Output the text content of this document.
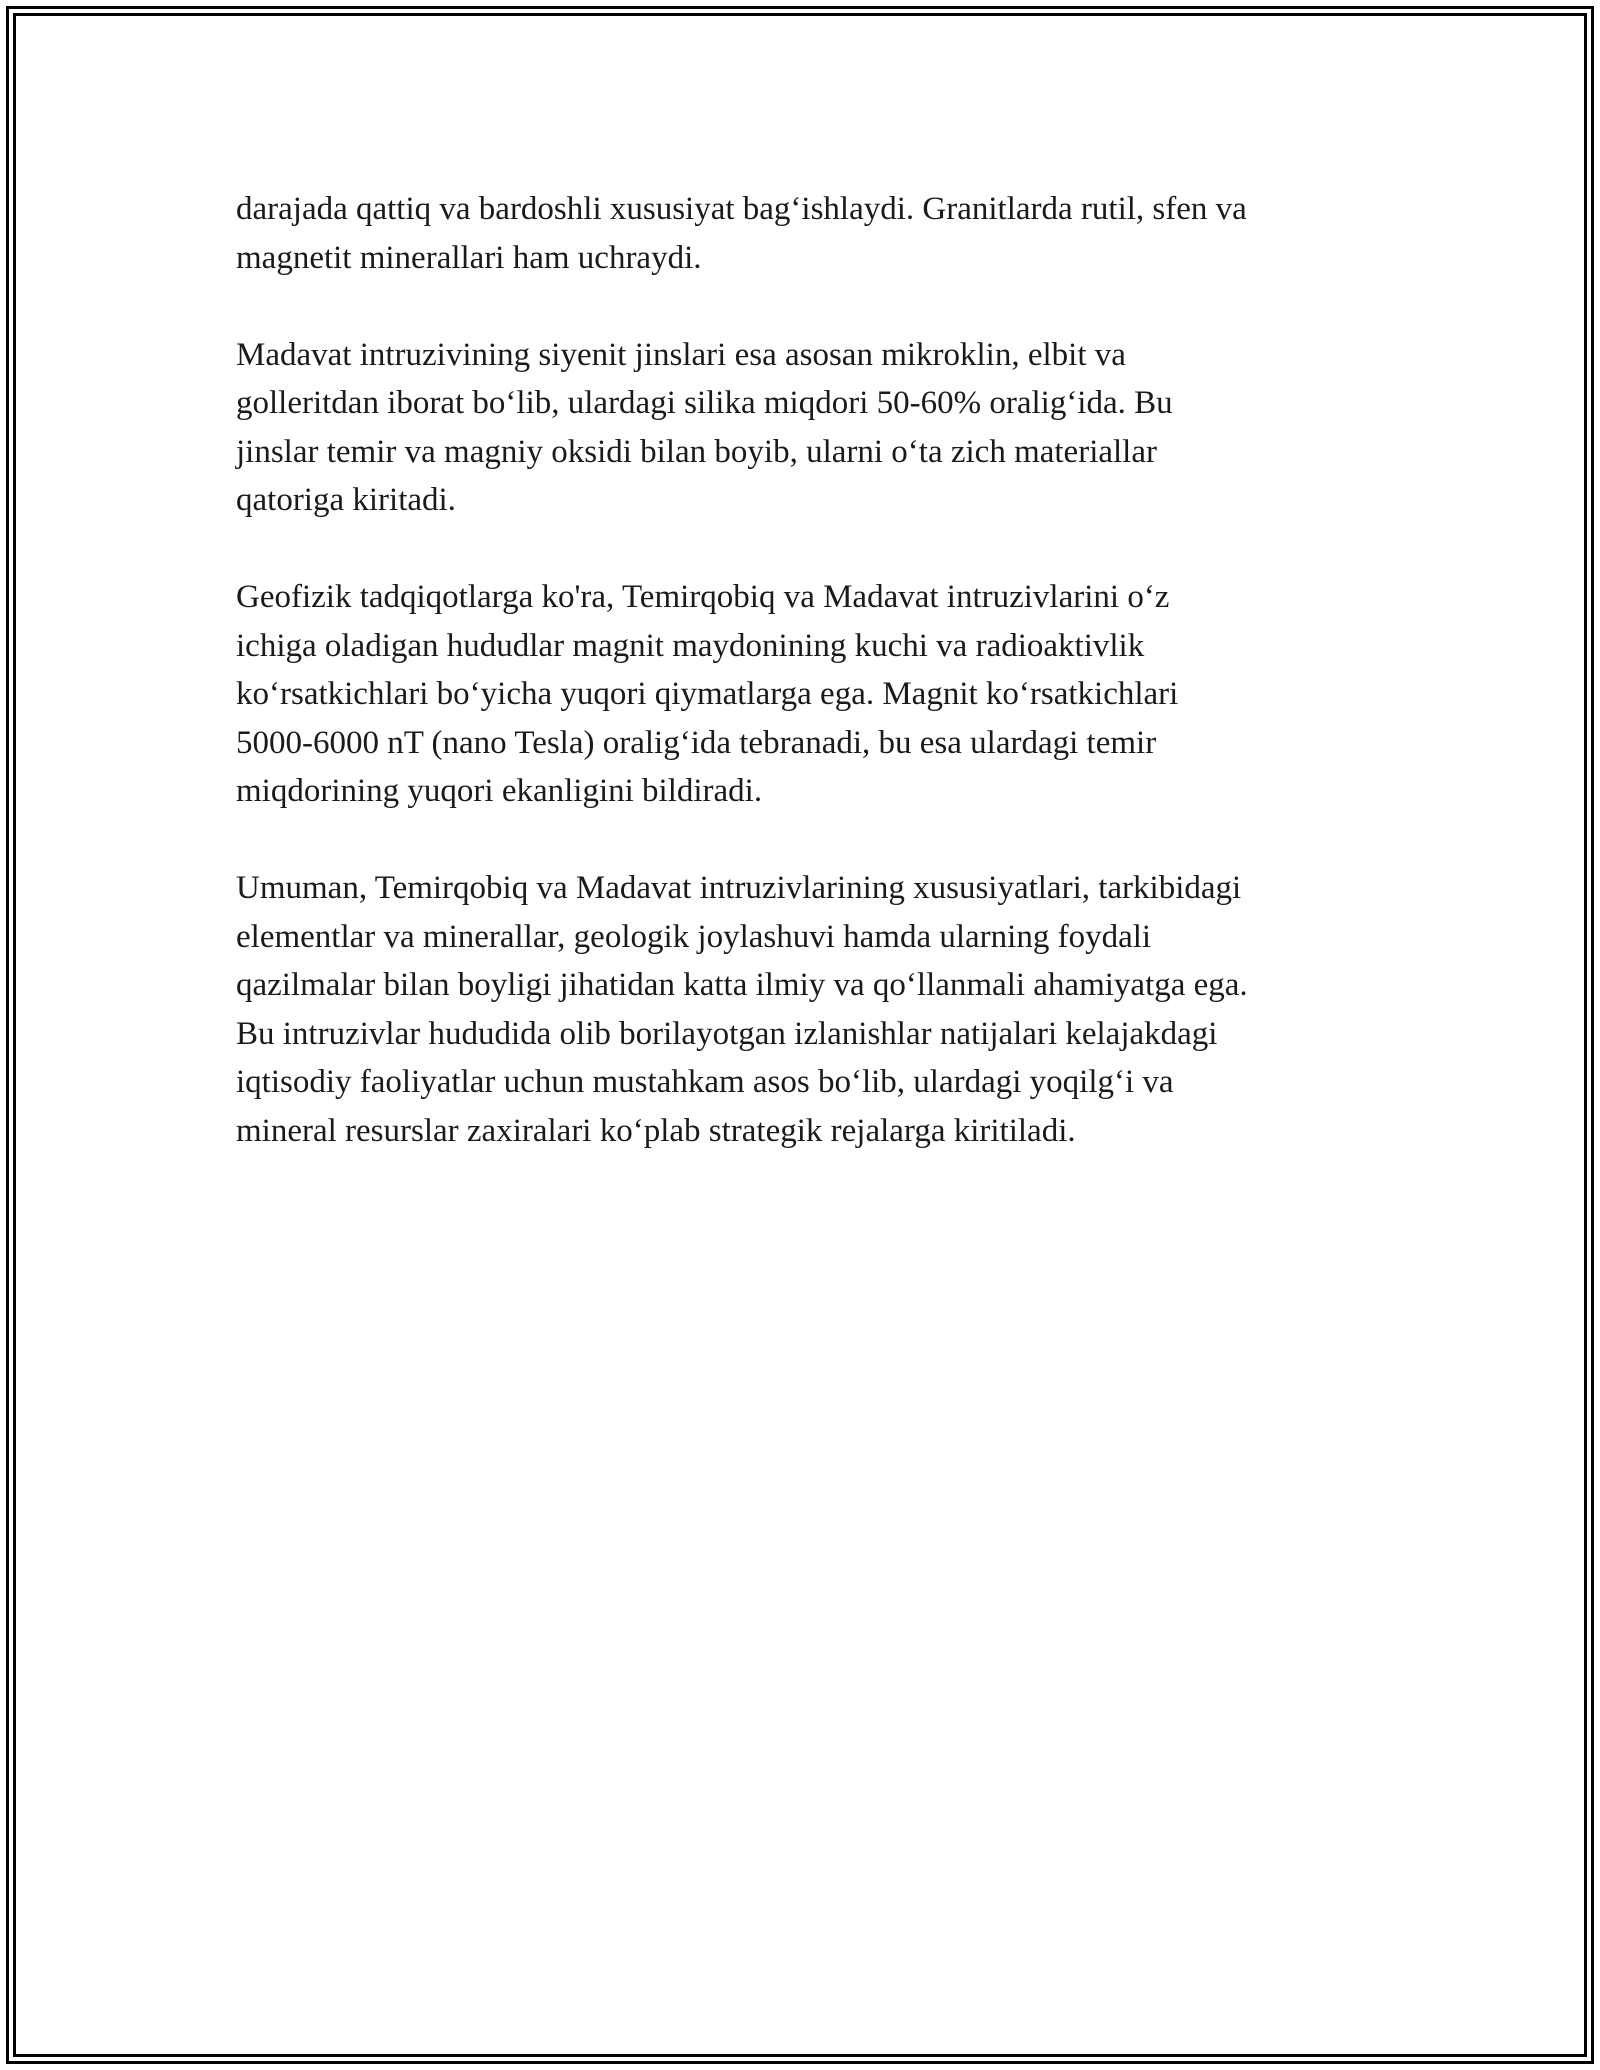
darajada qattiq va bardoshli xususiyat bag‘ishlaydi. Granitlarda rutil, sfen va
magnetit minerallari ham uchraydi.

Madavat intruzivining siyenit jinslari esa asosan mikroklin, elbit va
golleritdan iborat bo‘lib, ulardagi silika miqdori 50-60% oralig‘ida. Bu
jinslar temir va magniy oksidi bilan boyib, ularni o‘ta zich materiallar
qatoriga kiritadi.

Geofizik tadqiqotlarga ko'ra, Temirqobiq va Madavat intruzivlarini o‘z
ichiga oladigan hududlar magnit maydonining kuchi va radioaktivlik
ko‘rsatkichlari bo‘yicha yuqori qiymatlarga ega. Magnit ko‘rsatkichlari
5000-6000 nT (nano Tesla) oralig‘ida tebranadi, bu esa ulardagi temir
miqdorining yuqori ekanligini bildiradi.

Umuman, Temirqobiq va Madavat intruzivlarining xususiyatlari, tarkibidagi
elementlar va minerallar, geologik joylashuvi hamda ularning foydali
qazilmalar bilan boyligi jihatidan katta ilmiy va qo‘llanmali ahamiyatga ega.
Bu intruzivlar hududida olib borilayotgan izlanishlar natijalari kelajakdagi
iqtisodiy faoliyatlar uchun mustahkam asos bo‘lib, ulardagi yoqilg‘i va
mineral resurslar zaxiralari ko‘plab strategik rejalarga kiritiladi.
